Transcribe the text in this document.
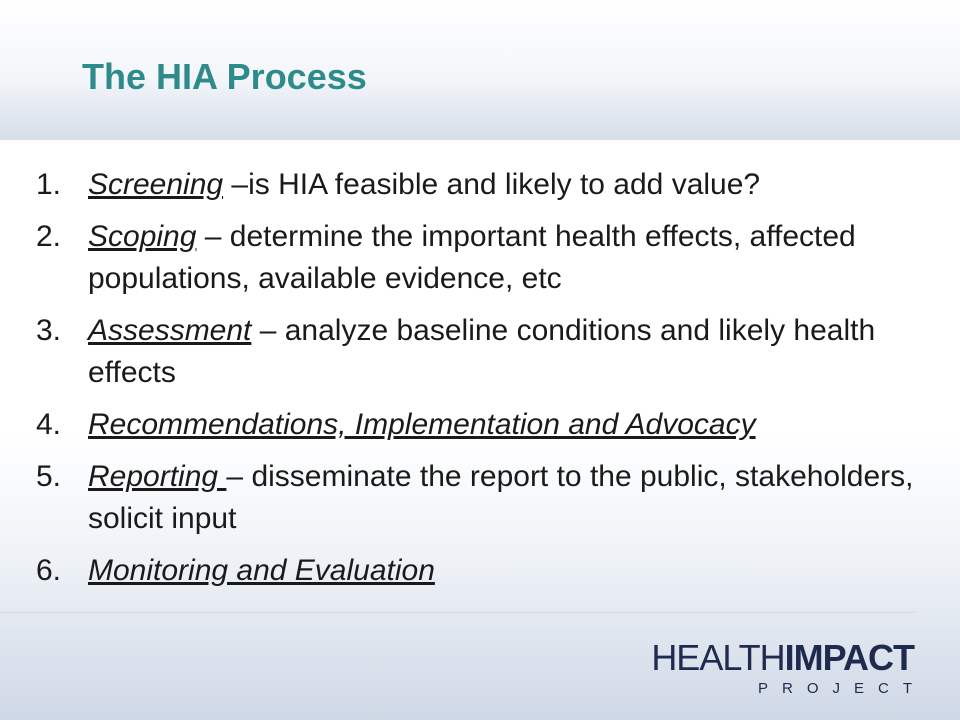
The HIA Process
1. Screening –is HIA feasible and likely to add value?
2. Scoping – determine the important health effects, affected populations, available evidence, etc
3. Assessment – analyze baseline conditions and likely health effects
4. Recommendations, Implementation and Advocacy
5. Reporting – disseminate the report to the public, stakeholders, solicit input
6. Monitoring and Evaluation
HEALTHIMPACT
PROJECT
